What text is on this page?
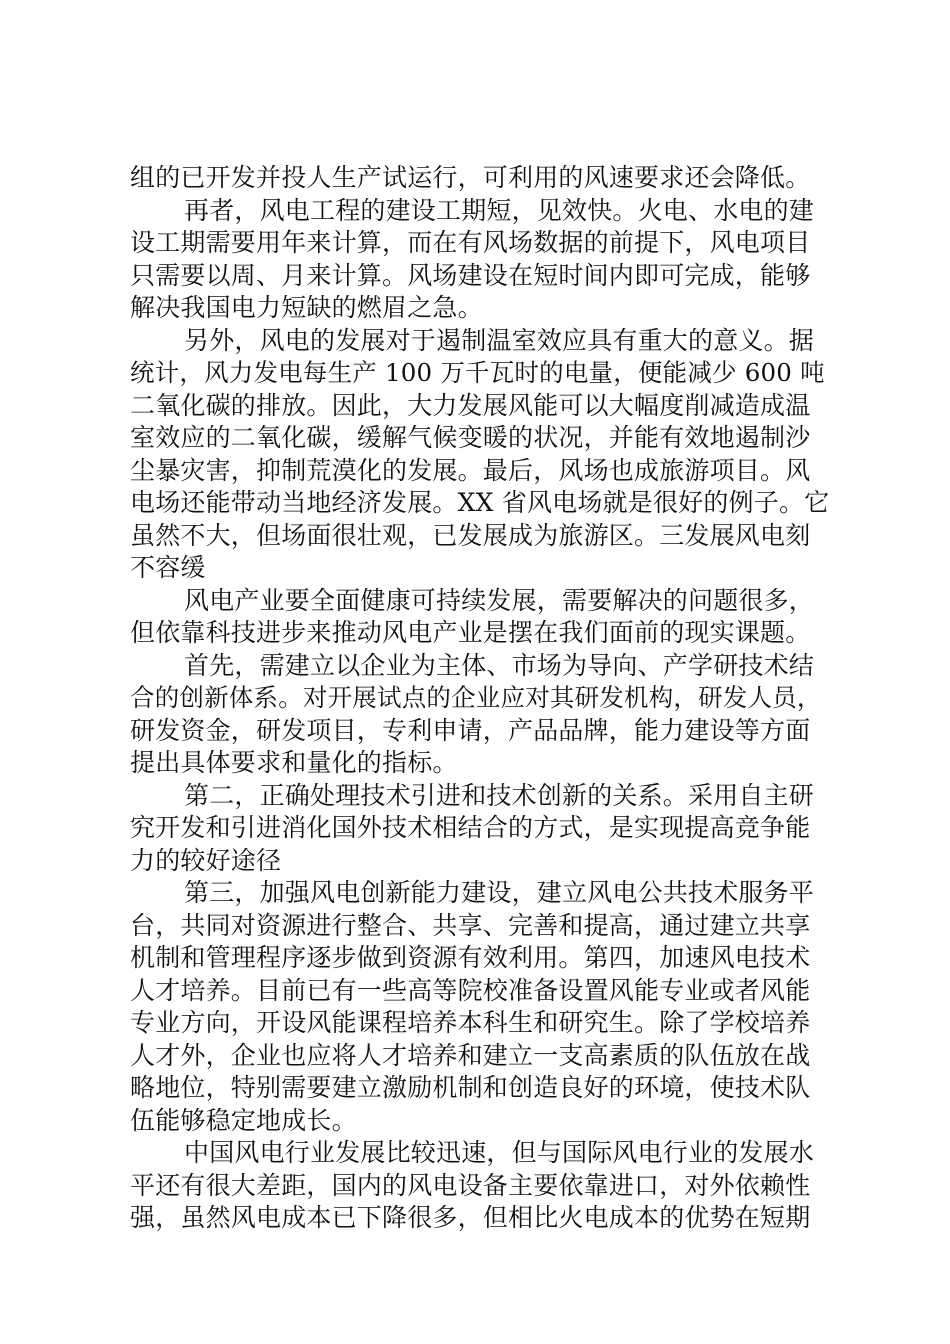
组的已开发并投人生产试运行，可利用的风速要求还会降低。
再者，风电工程的建设工期短，见效快。火电、水电的建
设工期需要用年来计算，而在有风场数据的前提下，风电项目
只需要以周、月来计算。风场建设在短时间内即可完成，能够
解决我国电力短缺的燃眉之急。
另外，风电的发展对于遏制温室效应具有重大的意义。据
统计，风力发电每生产 100 万千瓦时的电量，便能减少 600 吨
二氧化碳的排放。因此，大力发展风能可以大幅度削减造成温
室效应的二氧化碳，缓解气候变暖的状况，并能有效地遏制沙
尘暴灾害，抑制荒漠化的发展。最后，风场也成旅游项目。风
电场还能带动当地经济发展。XX 省风电场就是很好的例子。它
虽然不大，但场面很壮观，已发展成为旅游区。三发展风电刻
不容缓
风电产业要全面健康可持续发展，需要解决的问题很多，
但依靠科技进步来推动风电产业是摆在我们面前的现实课题。
首先，需建立以企业为主体、市场为导向、产学研技术结
合的创新体系。对开展试点的企业应对其研发机构，研发人员，
研发资金，研发项目，专利申请，产品品牌，能力建设等方面
提出具体要求和量化的指标。
第二，正确处理技术引进和技术创新的关系。采用自主研
究开发和引进消化国外技术相结合的方式，是实现提高竞争能
力的较好途径
第三，加强风电创新能力建设，建立风电公共技术服务平
台，共同对资源进行整合、共享、完善和提高，通过建立共享
机制和管理程序逐步做到资源有效利用。第四，加速风电技术
人才培养。目前已有一些高等院校准备设置风能专业或者风能
专业方向，开设风能课程培养本科生和研究生。除了学校培养
人才外，企业也应将人才培养和建立一支高素质的队伍放在战
略地位，特别需要建立激励机制和创造良好的环境，使技术队
伍能够稳定地成长。
中国风电行业发展比较迅速，但与国际风电行业的发展水
平还有很大差距，国内的风电设备主要依靠进口，对外依赖性
强，虽然风电成本已下降很多，但相比火电成本的优势在短期
